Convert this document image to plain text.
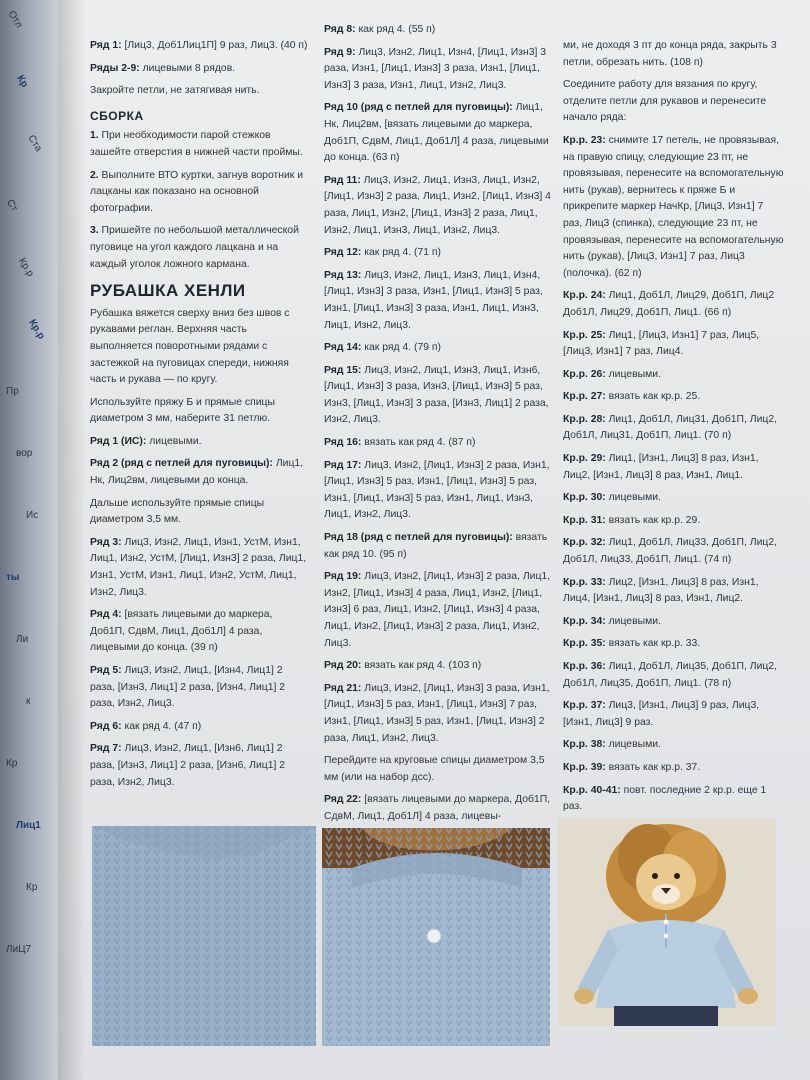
Отл
Кр
Ста
Ст
Кр.р
Кр.р
Пр
вор
Ис
ты
Ли
к
Кр
Лиц1
Кр
ЛиЦ7

Ряд 1: [Лиц3, Доб1Лиц1П] 9 раз, Лиц3. (40 п)

Ряды 2-9: лицевыми 8 рядов.

Закройте петли, не затягивая нить.

СБОРКА

1. При необходимости парой стежков зашейте отверстия в нижней части проймы.

2. Выполните ВТО куртки, загнув воротник и лацканы как показано на основной фотографии.

3. Пришейте по небольшой металлической пуговице на угол каждого лацкана и на каждый уголок ложного кармана.

РУБАШКА ХЕНЛИ

Рубашка вяжется сверху вниз без швов с рукавами реглан. Верхняя часть выполняется поворотными рядами с застежкой на пуговицах спереди, нижняя часть и рукава — по кругу.

Используйте пряжу Б и прямые спицы диаметром 3 мм, наберите 31 петлю.

Ряд 1 (ИС): лицевыми.

Ряд 2 (ряд с петлей для пуговицы): Лиц1, Нк, Лиц2вм, лицевыми до конца.

Дальше используйте прямые спицы диаметром 3,5 мм.

Ряд 3: Лиц3, Изн2, Лиц1, Изн1, УстМ, Изн1, Лиц1, Изн2, УстМ, [Лиц1, Изн3] 2 раза, Лиц1, Изн1, УстМ, Изн1, Лиц1, Изн2, УстМ, Лиц1, Изн2, Лиц3.

Ряд 4: [вязать лицевыми до маркера, Доб1П, СдвМ, Лиц1, Доб1Л] 4 раза, лицевыми до конца. (39 п)

Ряд 5: Лиц3, Изн2, Лиц1, [Изн4, Лиц1] 2 раза, [Изн3, Лиц1] 2 раза, [Изн4, Лиц1] 2 раза, Изн2, Лиц3.

Ряд 6: как ряд 4. (47 п)

Ряд 7: Лиц3, Изн2, Лиц1, [Изн6, Лиц1] 2 раза, [Изн3, Лиц1] 2 раза, [Изн6, Лиц1] 2 раза, Изн2, Лиц3.

Ряд 8: как ряд 4. (55 п)

Ряд 9: Лиц3, Изн2, Лиц1, Изн4, [Лиц1, Изн3] 3 раза, Изн1, [Лиц1, Изн3] 3 раза, Изн1, [Лиц1, Изн3] 3 раза, Изн1, Лиц1, Изн2, Лиц3.

Ряд 10 (ряд с петлей для пуговицы): Лиц1, Нк, Лиц2вм, [вязать лицевыми до маркера, Доб1П, СдвМ, Лиц1, Доб1Л] 4 раза, лицевыми до конца. (63 п)

Ряд 11: Лиц3, Изн2, Лиц1, Изн3, Лиц1, Изн2, [Лиц1, Изн3] 2 раза, Лиц1, Изн2, [Лиц1, Изн3] 4 раза, Лиц1, Изн2, [Лиц1, Изн3] 2 раза, Лиц1, Изн2, Лиц1, Изн3, Лиц1, Изн2, Лиц3.

Ряд 12: как ряд 4. (71 п)

Ряд 13: Лиц3, Изн2, Лиц1, Изн3, Лиц1, Изн4, [Лиц1, Изн3] 3 раза, Изн1, [Лиц1, Изн3] 5 раз, Изн1, [Лиц1, Изн3] 3 раза, Изн1, Лиц1, Изн3, Лиц1, Изн2, Лиц3.

Ряд 14: как ряд 4. (79 п)

Ряд 15: Лиц3, Изн2, Лиц1, Изн3, Лиц1, Изн6, [Лиц1, Изн3] 3 раза, Изн3, [Лиц1, Изн3] 5 раз, Изн3, [Лиц1, Изн3] 3 раза, [Изн3, Лиц1] 2 раза, Изн2, Лиц3.

Ряд 16: вязать как ряд 4. (87 п)

Ряд 17: Лиц3, Изн2, [Лиц1, Изн3] 2 раза, Изн1, [Лиц1, Изн3] 5 раз, Изн1, [Лиц1, Изн3] 5 раз, Изн1, [Лиц1, Изн3] 5 раз, Изн1, Лиц1, Изн3, Лиц1, Изн2, Лиц3.

Ряд 18 (ряд с петлей для пуговицы): вязать как ряд 10. (95 п)

Ряд 19: Лиц3, Изн2, [Лиц1, Изн3] 2 раза, Лиц1, Изн2, [Лиц1, Изн3] 4 раза, Лиц1, Изн2, [Лиц1, Изн3] 6 раз, Лиц1, Изн2, [Лиц1, Изн3] 4 раза, Лиц1, Изн2, [Лиц1, Изн3] 2 раза, Лиц1, Изн2, Лиц3.

Ряд 20: вязать как ряд 4. (103 п)

Ряд 21: Лиц3, Изн2, [Лиц1, Изн3] 3 раза, Изн1, [Лиц1, Изн3] 5 раз, Изн1, [Лиц1, Изн3] 7 раз, Изн1, [Лиц1, Изн3] 5 раз, Изн1, [Лиц1, Изн3] 2 раза, Лиц1, Изн2, Лиц3.

Перейдите на круговые спицы диаметром 3,5 мм (или на набор дсс).

Ряд 22: [вязать лицевыми до маркера, Доб1П, СдвМ, Лиц1, Доб1Л] 4 раза, лицевы-

ми, не доходя 3 пт до конца ряда, закрыть 3 петли, обрезать нить. (108 п)

Соедините работу для вязания по кругу, отделите петли для рукавов и перенесите начало ряда:

Кр.р. 23: снимите 17 петель, не провязывая, на правую спицу, следующие 23 пт, не провязывая, перенесите на вспомогательную нить (рукав), вернитесь к пряже Б и прикрепите маркер НачКр, [Лиц3, Изн1] 7 раз, Лиц3 (спинка), следующие 23 пт, не провязывая, перенесите на вспомогательную нить (рукав), [Лиц3, Изн1] 7 раз, Лиц3 (полочка). (62 п)

Кр.р. 24: Лиц1, Доб1Л, Лиц29, Доб1П, Лиц2 Доб1Л, Лиц29, Доб1П, Лиц1. (66 п)

Кр.р. 25: Лиц1, [Лиц3, Изн1] 7 раз, Лиц5, [Лиц3, Изн1] 7 раз, Лиц4.

Кр.р. 26: лицевыми.

Кр.р. 27: вязать как кр.р. 25.

Кр.р. 28: Лиц1, Доб1Л, Лиц31, Доб1П, Лиц2, Доб1Л, Лиц31, Доб1П, Лиц1. (70 п)

Кр.р. 29: Лиц1, [Изн1, Лиц3] 8 раз, Изн1, Лиц2, [Изн1, Лиц3] 8 раз, Изн1, Лиц1.

Кр.р. 30: лицевыми.

Кр.р. 31: вязать как кр.р. 29.

Кр.р. 32: Лиц1, Доб1Л, Лиц33, Доб1П, Лиц2, Доб1Л, Лиц33, Доб1П, Лиц1. (74 п)

Кр.р. 33: Лиц2, [Изн1, Лиц3] 8 раз, Изн1, Лиц4, [Изн1, Лиц3] 8 раз, Изн1, Лиц2.

Кр.р. 34: лицевыми.

Кр.р. 35: вязать как кр.р. 33.

Кр.р. 36: Лиц1, Доб1Л, Лиц35, Доб1П, Лиц2, Доб1Л, Лиц35, Доб1П, Лиц1. (78 п)

Кр.р. 37: Лиц3, [Изн1, Лиц3] 9 раз, Лиц3, [Изн1, Лиц3] 9 раз.

Кр.р. 38: лицевыми.

Кр.р. 39: вязать как кр.р. 37.

Кр.р. 40-41: повт. последние 2 кр.р. еще 1 раз.
